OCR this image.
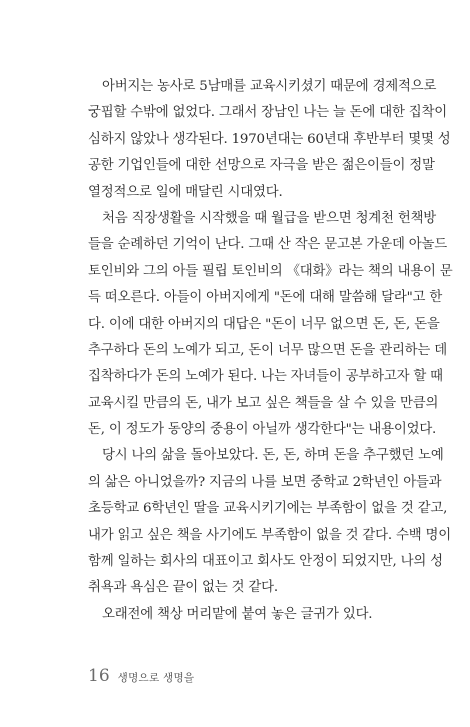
아버지는 농사로 5남매를 교육시키셨기 때문에 경제적으로
궁핍할 수밖에 없었다. 그래서 장남인 나는 늘 돈에 대한 집착이
심하지 않았나 생각된다. 1970년대는 60년대 후반부터 몇몇 성
공한 기업인들에 대한 선망으로 자극을 받은 젊은이들이 정말
열정적으로 일에 매달린 시대였다.
처음 직장생활을 시작했을 때 월급을 받으면 청계천 헌책방
들을 순례하던 기억이 난다. 그때 산 작은 문고본 가운데 아놀드
토인비와 그의 아들 필립 토인비의 《대화》라는 책의 내용이 문
득 떠오른다. 아들이 아버지에게 "돈에 대해 말씀해 달라"고 한
다. 이에 대한 아버지의 대답은 "돈이 너무 없으면 돈, 돈, 돈을
추구하다 돈의 노예가 되고, 돈이 너무 많으면 돈을 관리하는 데
집착하다가 돈의 노예가 된다. 나는 자녀들이 공부하고자 할 때
교육시킬 만큼의 돈, 내가 보고 싶은 책들을 살 수 있을 만큼의
돈, 이 정도가 동양의 중용이 아닐까 생각한다"는 내용이었다.
당시 나의 삶을 돌아보았다. 돈, 돈, 하며 돈을 추구했던 노예
의 삶은 아니었을까? 지금의 나를 보면 중학교 2학년인 아들과
초등학교 6학년인 딸을 교육시키기에는 부족함이 없을 것 같고,
내가 읽고 싶은 책을 사기에도 부족함이 없을 것 같다. 수백 명이
함께 일하는 회사의 대표이고 회사도 안정이 되었지만, 나의 성
취욕과 욕심은 끝이 없는 것 같다.
오래전에 책상 머리맡에 붙여 놓은 글귀가 있다.
16 생명으로 생명을
